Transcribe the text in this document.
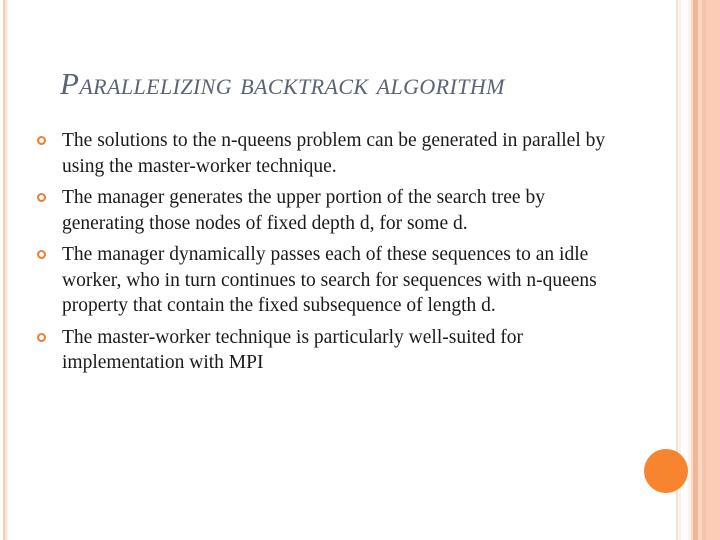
Parallelizing backtrack algorithm
The solutions to the n-queens problem can be generated in parallel by using the master-worker technique.
The manager generates the upper portion of the search tree by generating those nodes of fixed depth d, for some d.
The manager dynamically passes each of these sequences to an idle worker, who in turn continues to search for sequences with n-queens property that contain the fixed subsequence of length d.
The master-worker technique is particularly well-suited for implementation with MPI
